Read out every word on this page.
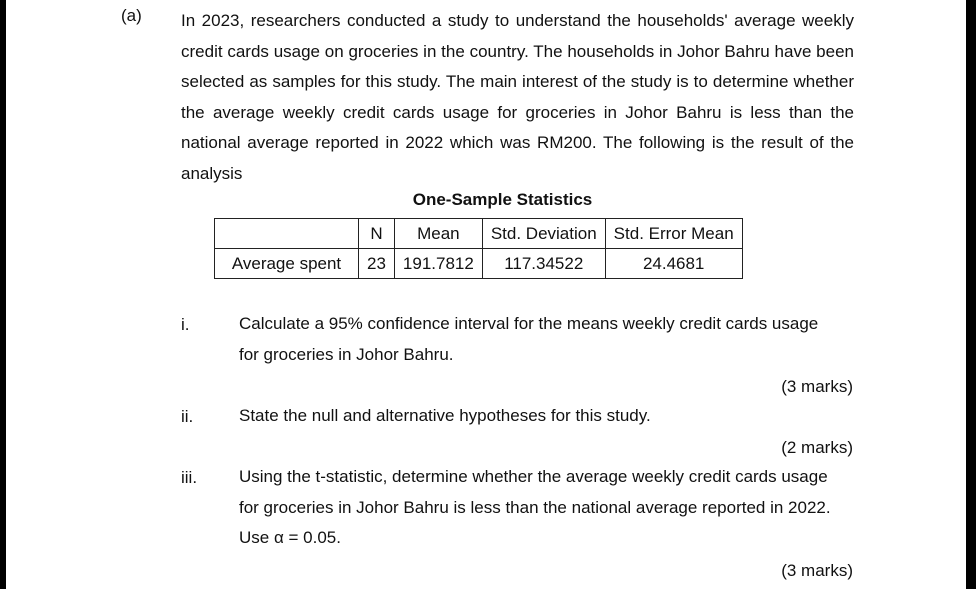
(a) In 2023, researchers conducted a study to understand the households' average weekly credit cards usage on groceries in the country. The households in Johor Bahru have been selected as samples for this study. The main interest of the study is to determine whether the average weekly credit cards usage for groceries in Johor Bahru is less than the national average reported in 2022 which was RM200. The following is the result of the analysis

One-Sample Statistics
	N	Mean	Std. Deviation	Std. Error Mean
Average spent	23	191.7812	117.34522	24.4681
i.	Calculate a 95% confidence interval for the means weekly credit cards usage
for groceries in Johor Bahru.
(3 marks)
ii.	State the null and alternative hypotheses for this study.
(2 marks)
iii. Using the t-statistic, determine whether the average weekly credit cards usage
for groceries in Johor Bahru is less than the national average reported in 2022.
Use α = 0.05.
(3 marks)
